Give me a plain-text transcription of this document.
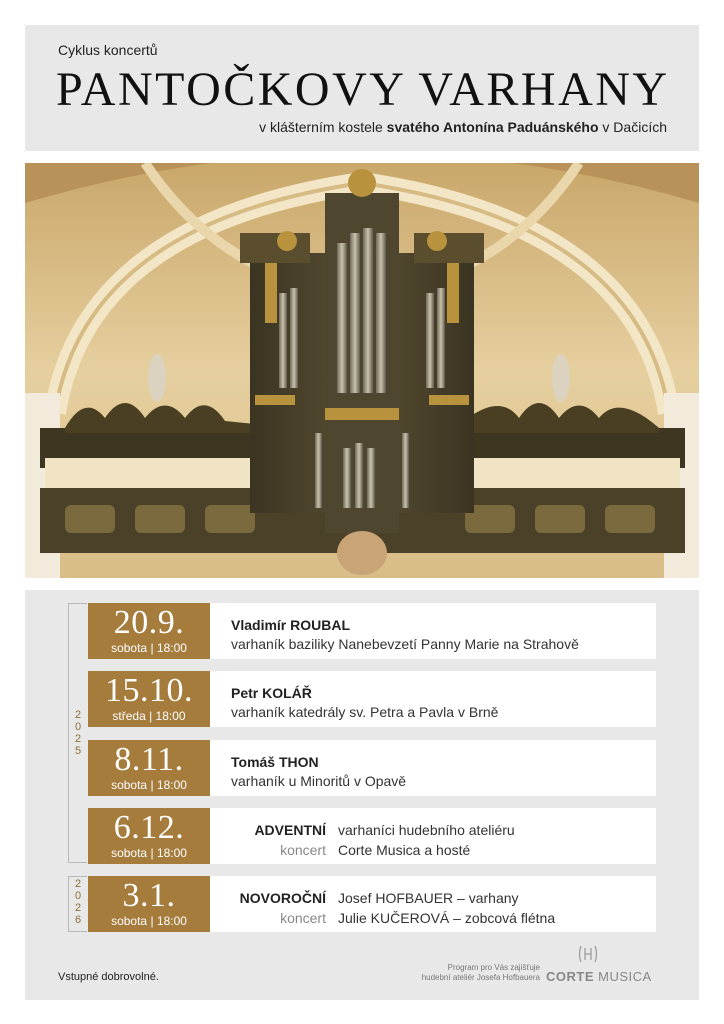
Cyklus koncertů
PANTOČKOVY VARHANY
v klášterním kostele svatého Antonína Paduánského v Dačicích
2025
2026
20.9.
sobota | 18:00
Vladimír ROUBAL
varhaník baziliky Nanebevzetí Panny Marie na Strahově
15.10.
středa | 18:00
Petr KOLÁŘ
varhaník katedrály sv. Petra a Pavla v Brně
8.11.
sobota | 18:00
Tomáš THON
varhaník u Minoritů v Opavě
6.12.
sobota | 18:00
ADVENTNÍ
koncert
varhaníci hudebního ateliéru
Corte Musica a hosté
3.1.
sobota | 18:00
NOVOROČNÍ
koncert
Josef HOFBAUER – varhany
Julie KUČEROVÁ – zobcová flétna
Vstupné dobrovolné.
Program pro Vás zajišťuje
hudební ateliér Josefa Hofbauera CORTE MUSICA
